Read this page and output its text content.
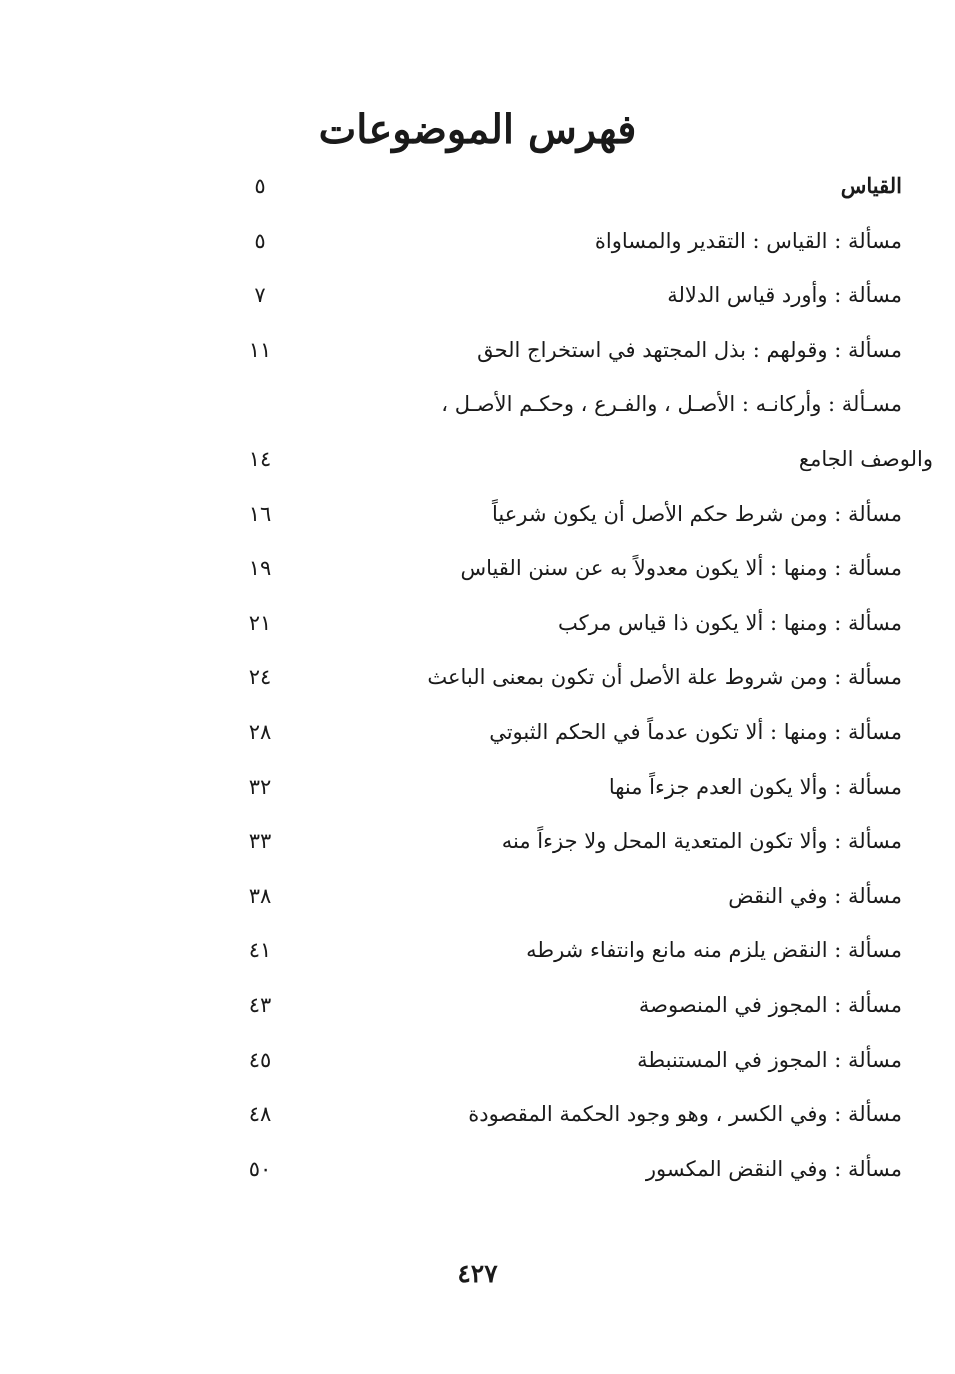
فهرس الموضوعات
القياس
٥
مسألة : القياس : التقدير والمساواة
٥
مسألة : وأورد قياس الدلالة
٧
مسألة : وقولهم : بذل المجتهد في استخراج الحق
١١
مسـألة : وأركانـه : الأصـل ، والفـرع ، وحكـم الأصـل ،
والوصف الجامع
١٤
مسألة : ومن شرط حكم الأصل أن يكون شرعياً
١٦
مسألة : ومنها : ألا يكون معدولاً به عن سنن القياس
١٩
مسألة : ومنها : ألا يكون ذا قياس مركب
٢١
مسألة : ومن شروط علة الأصل أن تكون بمعنى الباعث
٢٤
مسألة : ومنها : ألا تكون عدماً في الحكم الثبوتي
٢٨
مسألة : وألا يكون العدم جزءاً منها
٣٢
مسألة : وألا تكون المتعدية المحل ولا جزءاً منه
٣٣
مسألة : وفي النقض
٣٨
مسألة : النقض يلزم منه مانع وانتفاء شرطه
٤١
مسألة : المجوز في المنصوصة
٤٣
مسألة : المجوز في المستنبطة
٤٥
مسألة : وفي الكسر ، وهو وجود الحكمة المقصودة
٤٨
مسألة : وفي النقض المكسور
٥٠
٤٢٧
